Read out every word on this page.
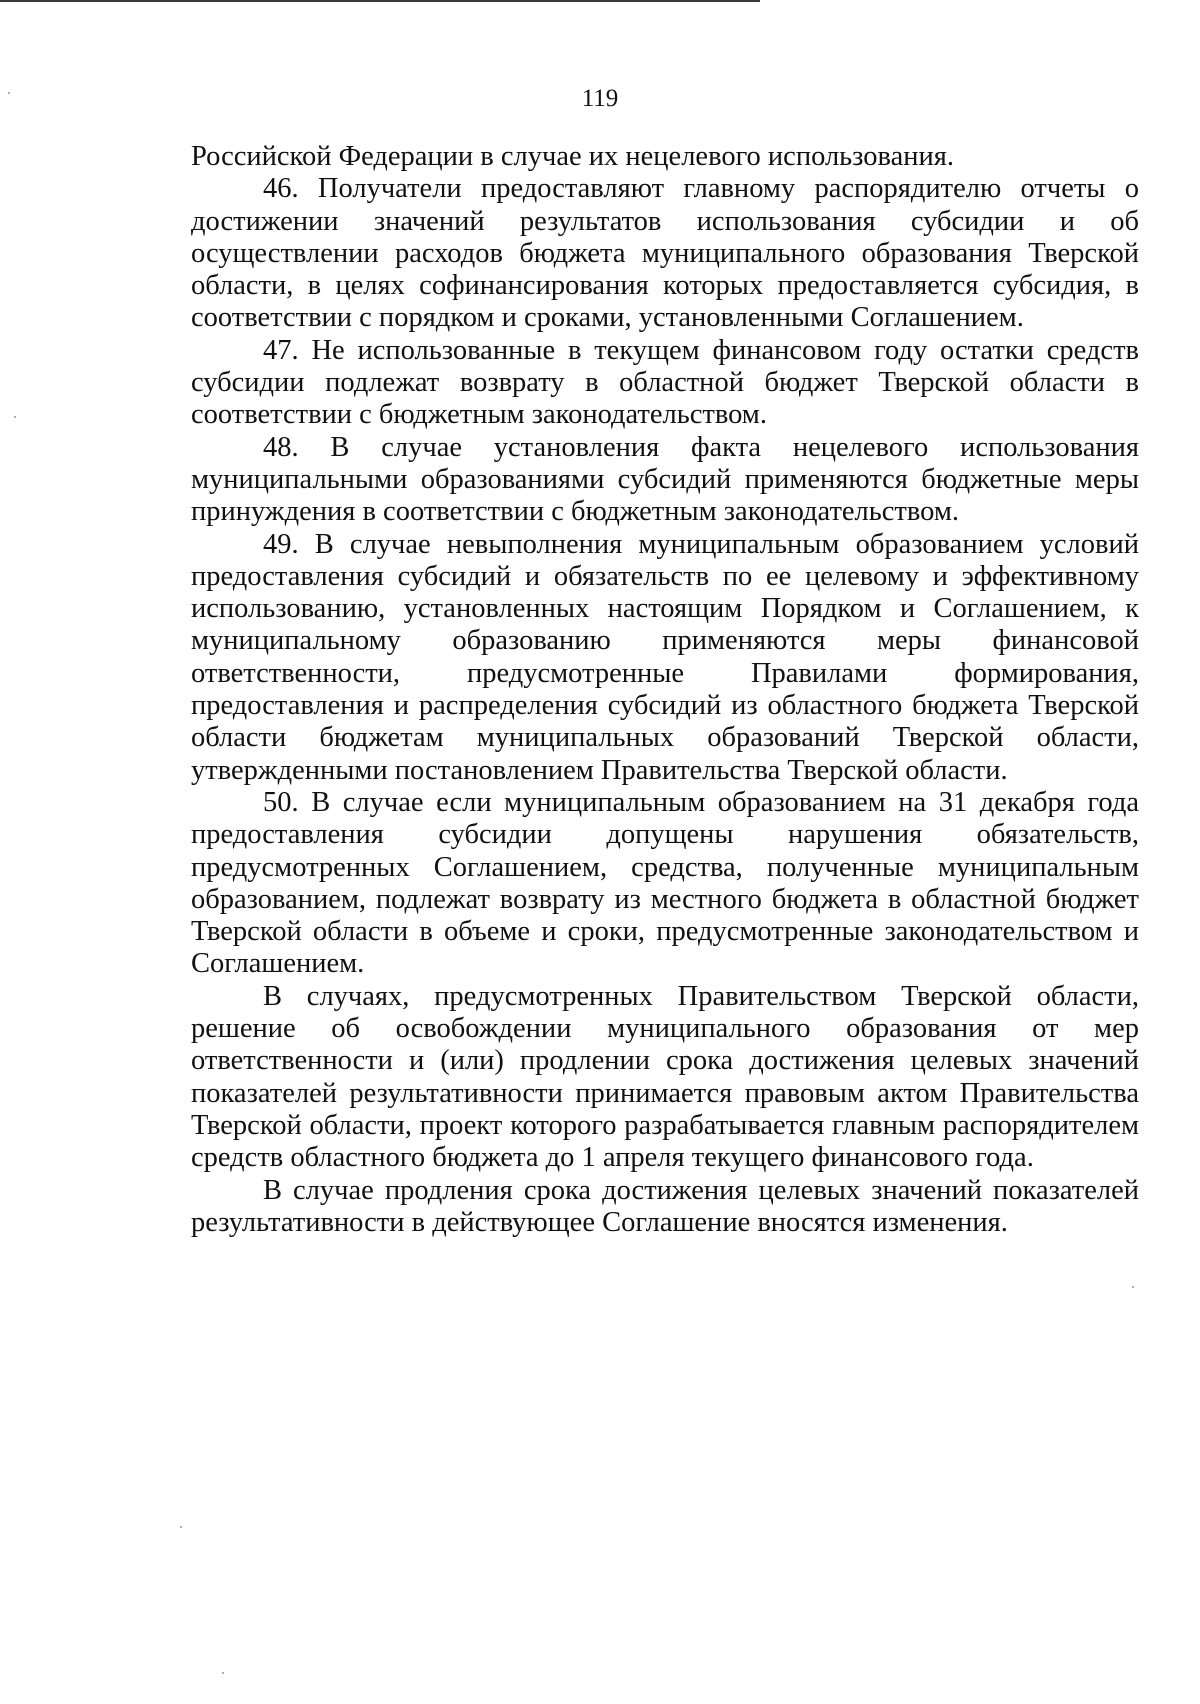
119

Российской Федерации в случае их нецелевого использования.

46. Получатели предоставляют главному распорядителю отчеты о достижении значений результатов использования субсидии и об осуществлении расходов бюджета муниципального образования Тверской области, в целях софинансирования которых предоставляется субсидия, в соответствии с порядком и сроками, установленными Соглашением.

47. Не использованные в текущем финансовом году остатки средств субсидии подлежат возврату в областной бюджет Тверской области в соответствии с бюджетным законодательством.

48. В случае установления факта нецелевого использования муниципальными образованиями субсидий применяются бюджетные меры принуждения в соответствии с бюджетным законодательством.

49. В случае невыполнения муниципальным образованием условий предоставления субсидий и обязательств по ее целевому и эффективному использованию, установленных настоящим Порядком и Соглашением, к муниципальному образованию применяются меры финансовой ответственности, предусмотренные Правилами формирования, предоставления и распределения субсидий из областного бюджета Тверской области бюджетам муниципальных образований Тверской области, утвержденными постановлением Правительства Тверской области.

50. В случае если муниципальным образованием на 31 декабря года предоставления субсидии допущены нарушения обязательств, предусмотренных Соглашением, средства, полученные муниципальным образованием, подлежат возврату из местного бюджета в областной бюджет Тверской области в объеме и сроки, предусмотренные законодательством и Соглашением.

В случаях, предусмотренных Правительством Тверской области, решение об освобождении муниципального образования от мер ответственности и (или) продлении срока достижения целевых значений показателей результативности принимается правовым актом Правительства Тверской области, проект которого разрабатывается главным распорядителем средств областного бюджета до 1 апреля текущего финансового года.

В случае продления срока достижения целевых значений показателей результативности в действующее Соглашение вносятся изменения.
